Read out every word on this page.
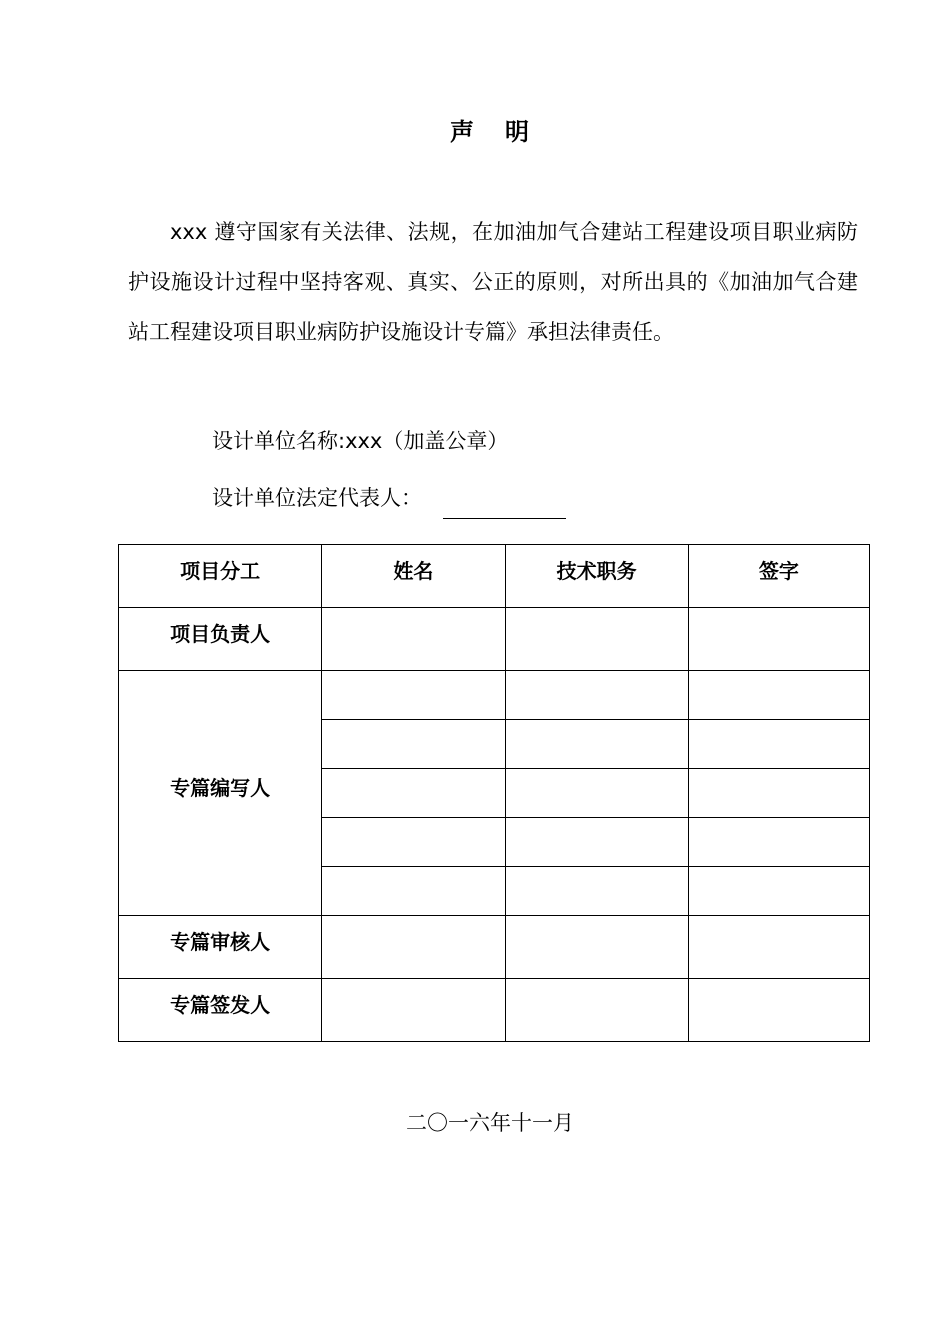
声 明
xxx 遵守国家有关法律、法规，在加油加气合建站工程建设项目职业病防护设施设计过程中坚持客观、真实、公正的原则，对所出具的《加油加气合建站工程建设项目职业病防护设施设计专篇》承担法律责任。
设计单位名称:xxx（加盖公章）
设计单位法定代表人：
项目分工	姓名	技术职务	签字
项目负责人			
专篇编写人			

专篇审核人			
专篇签发人			
二〇一六年十一月
